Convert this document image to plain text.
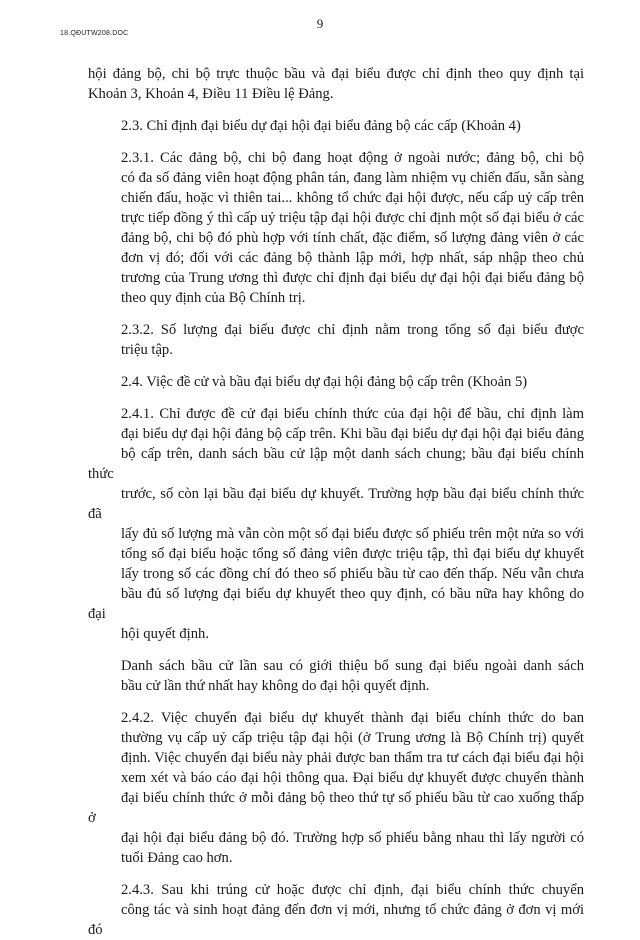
18.QĐUTW208.DOC
9

hội đảng bộ, chi bộ trực thuộc bầu và đại biểu được chỉ định theo quy định tại
Khoản 3, Khoản 4, Điều 11 Điều lệ Đảng.

2.3. Chỉ định đại biểu dự đại hội đại biểu đảng bộ các cấp (Khoản 4)

2.3.1. Các đảng bộ, chi bộ đang hoạt động ở ngoài nước; đảng bộ, chi bộ
có đa số đảng viên hoạt động phân tán, đang làm nhiệm vụ chiến đấu, sẵn sàng
chiến đấu, hoặc vì thiên tai... không tổ chức đại hội được, nếu cấp uỷ cấp trên
trực tiếp đồng ý thì cấp uỷ triệu tập đại hội được chỉ định một số đại biểu ở các
đảng bộ, chi bộ đó phù hợp với tính chất, đặc điểm, số lượng đảng viên ở các
đơn vị đó; đối với các đảng bộ thành lập mới, hợp nhất, sáp nhập theo chủ
trương của Trung ương thì được chỉ định đại biểu dự đại hội đại biểu đảng bộ
theo quy định của Bộ Chính trị.

2.3.2. Số lượng đại biểu được chỉ định nằm trong tổng số đại biểu được
triệu tập.

2.4. Việc đề cử và bầu đại biểu dự đại hội đảng bộ cấp trên (Khoản 5)

2.4.1. Chỉ được đề cử đại biểu chính thức của đại hội để bầu, chỉ định làm
đại biểu dự đại hội đảng bộ cấp trên. Khi bầu đại biểu dự đại hội đại biểu đảng
bộ cấp trên, danh sách bầu cử lập một danh sách chung; bầu đại biểu chính thức
trước, số còn lại bầu đại biểu dự khuyết. Trường hợp bầu đại biểu chính thức đã
lấy đủ số lượng mà vẫn còn một số đại biểu được số phiếu trên một nửa so với
tổng số đại biểu hoặc tổng số đảng viên được triệu tập, thì đại biểu dự khuyết
lấy trong số các đồng chí đó theo số phiếu bầu từ cao đến thấp. Nếu vẫn chưa
bầu đủ số lượng đại biểu dự khuyết theo quy định, có bầu nữa hay không do đại
hội quyết định.

Danh sách bầu cử lần sau có giới thiệu bổ sung đại biểu ngoài danh sách
bầu cử lần thứ nhất hay không do đại hội quyết định.

2.4.2. Việc chuyển đại biểu dự khuyết thành đại biểu chính thức do ban
thường vụ cấp uỷ cấp triệu tập đại hội (ở Trung ương là Bộ Chính trị) quyết
định. Việc chuyển đại biểu này phải được ban thẩm tra tư cách đại biểu đại hội
xem xét và báo cáo đại hội thông qua. Đại biểu dự khuyết được chuyển thành
đại biểu chính thức ở mỗi đảng bộ theo thứ tự số phiếu bầu từ cao xuống thấp ở
đại hội đại biểu đảng bộ đó. Trường hợp số phiếu bằng nhau thì lấy người có
tuổi Đảng cao hơn.

2.4.3. Sau khi trúng cử hoặc được chỉ định, đại biểu chính thức chuyển
công tác và sinh hoạt đảng đến đơn vị mới, nhưng tổ chức đảng ở đơn vị mới đó
